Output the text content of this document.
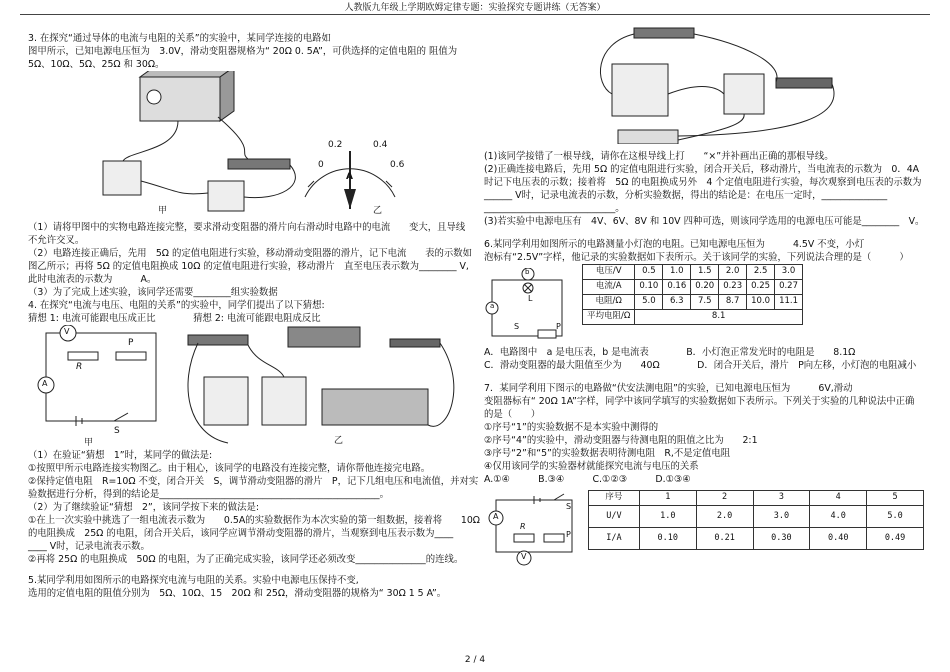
人教版九年级上学期欧姆定律专题：实验探究专题讲练（无答案）

3. 在探究“通过导体的电流与电阻的关系”的实验中，某同学连接的电路如

图甲所示，已知电源电压恒为　3.0V，滑动变阻器规格为“ 20Ω 0. 5A”，可供选择的定值电阻的 阻值为

5Ω、10Ω、5Ω、25Ω 和 30Ω。

0
0.2	0.4
0.6
A
甲	乙

（1）请将甲图中的实物电路连接完整，要求滑动变阻器的滑片向右滑动时电路中的电流　　变大，且导线

不允许交叉。

（2）电路连接正确后，先用　5Ω 的定值电阻进行实验，移动滑动变阻器的滑片，记下电流　　表的示数如

图乙所示；再将 5Ω 的定值电阻换成 10Ω 的定值电阻进行实验，移动滑片　直至电压表示数为________ V,

此时电流表的示数为　　　A。

（3）为了完成上述实验，该同学还需要________组实验数据

4. 在探究“电流与电压、电阻的关系”的实验中，同学们提出了以下猜想:

猜想 1: 电流可能跟电压成正比　　　　猜想 2: 电流可能跟电阻成反比

V
R
P
A
S
甲	乙

（1）在验证“猜想　1”时，某同学的做法是:

①按照甲所示电路连接实物图乙。由于粗心，该同学的电路没有连接完整，请你帮他连接完电路。

②保持定值电阻　R=10Ω 不变，闭合开关　S，调节滑动变阻器的滑片　P，记下几组电压和电流值，并对实

验数据进行分析，得到的结论是_______________________________________________。

（2）为了继续验证“猜想　2”，该同学按下来的做法是:

①在上一次实验中挑选了一组电流表示数为　　0.5A的实验数据作为本次实验的第一组数据，接着将　　10Ω

的电阻换成　25Ω 的电阻，闭合开关后，该同学应调节滑动变阻器的滑片，当观察到电压表示数为____

____ V时，记录电流表示数。

②再将 25Ω 的电阻换成　50Ω 的电阻，为了正确完成实验，该同学还必须改变_______________的连线。

5.某同学利用如图所示的电路探究电流与电阻的关系。实验中电源电压保持不变,

选用的定值电阻的阻值分别为　5Ω、10Ω、15　20Ω 和 25Ω，滑动变阻器的规格为“ 30Ω 1 5 A”。

(1)该同学接错了一根导线，请你在这根导线上打　　“×”并补画出正确的那根导线。

(2)正确连接电路后，先用 5Ω 的定值电阻进行实验，闭合开关后，移动滑片，当电流表的示数为　0．4A

时记下电压表的示数；接着将　5Ω 的电阻换成另外　4 个定值电阻进行实验，每次观察到电压表的示数为

______ V时，记录电流表的示数，分析实验数据，得出的结论是：在电压一定时，______________

____________________________。

(3)若实验中电源电压有　4V、6V、8V 和 10V 四种可选，则该同学选用的电源电压可能是________　V。

6.某同学利用如图所示的电路测量小灯泡的电阻。已知电源电压恒为　　　4.5V 不变，小灯

泡标有“2.5V”字样，他记录的实验数据如下表所示。关于该同学的实验，下列说法合理的是（　　　）

b
L
a
S	P
电压/V	0.5	1.0	1.5	2.0	2.5	3.0
电流/A	0.10	0.16	0.20	0.23	0.25	0.27
电阻/Ω	5.0	6.3	7.5	8.7	10.0	11.1
平均电阻/Ω	8.1					

A．电路图中　a 是电压表，b 是电流表　　　　B．小灯泡正常发光时的电阻是　　8.1Ω

C．滑动变阻器的最大阻值至少为　　40Ω　　　　D．闭合开关后，滑片　P向左移，小灯泡的电阻减小

7．某同学利用下图示的电路做“伏安法测电阻”的实验，已知电源电压恒为　　　6V,滑动

变阻器标有“ 20Ω 1A”字样，同学中该同学填写的实验数据如下表所示。下列关于实验的几种说法中正确

的是（　　）

①序号“1”的实验数据不是本实验中测得的

②序号“4”的实验中，滑动变阻器与待测电阻的阻值之比为　　2:1

③序号“2”和“5”的实验数据表明待测电阻　R,不是定值电阻

④仅用该同学的实验器材就能探究电流与电压的关系

A.①④　　　B.③④　　　C.①②③　　　D.①③④

A
S
R
P
V
序号	1	2	3	4	5
U/V	1.0	2.0	3.0	4.0	5.0
I/A	0.10	0.21	0.30	0.40	0.49
2 / 4
